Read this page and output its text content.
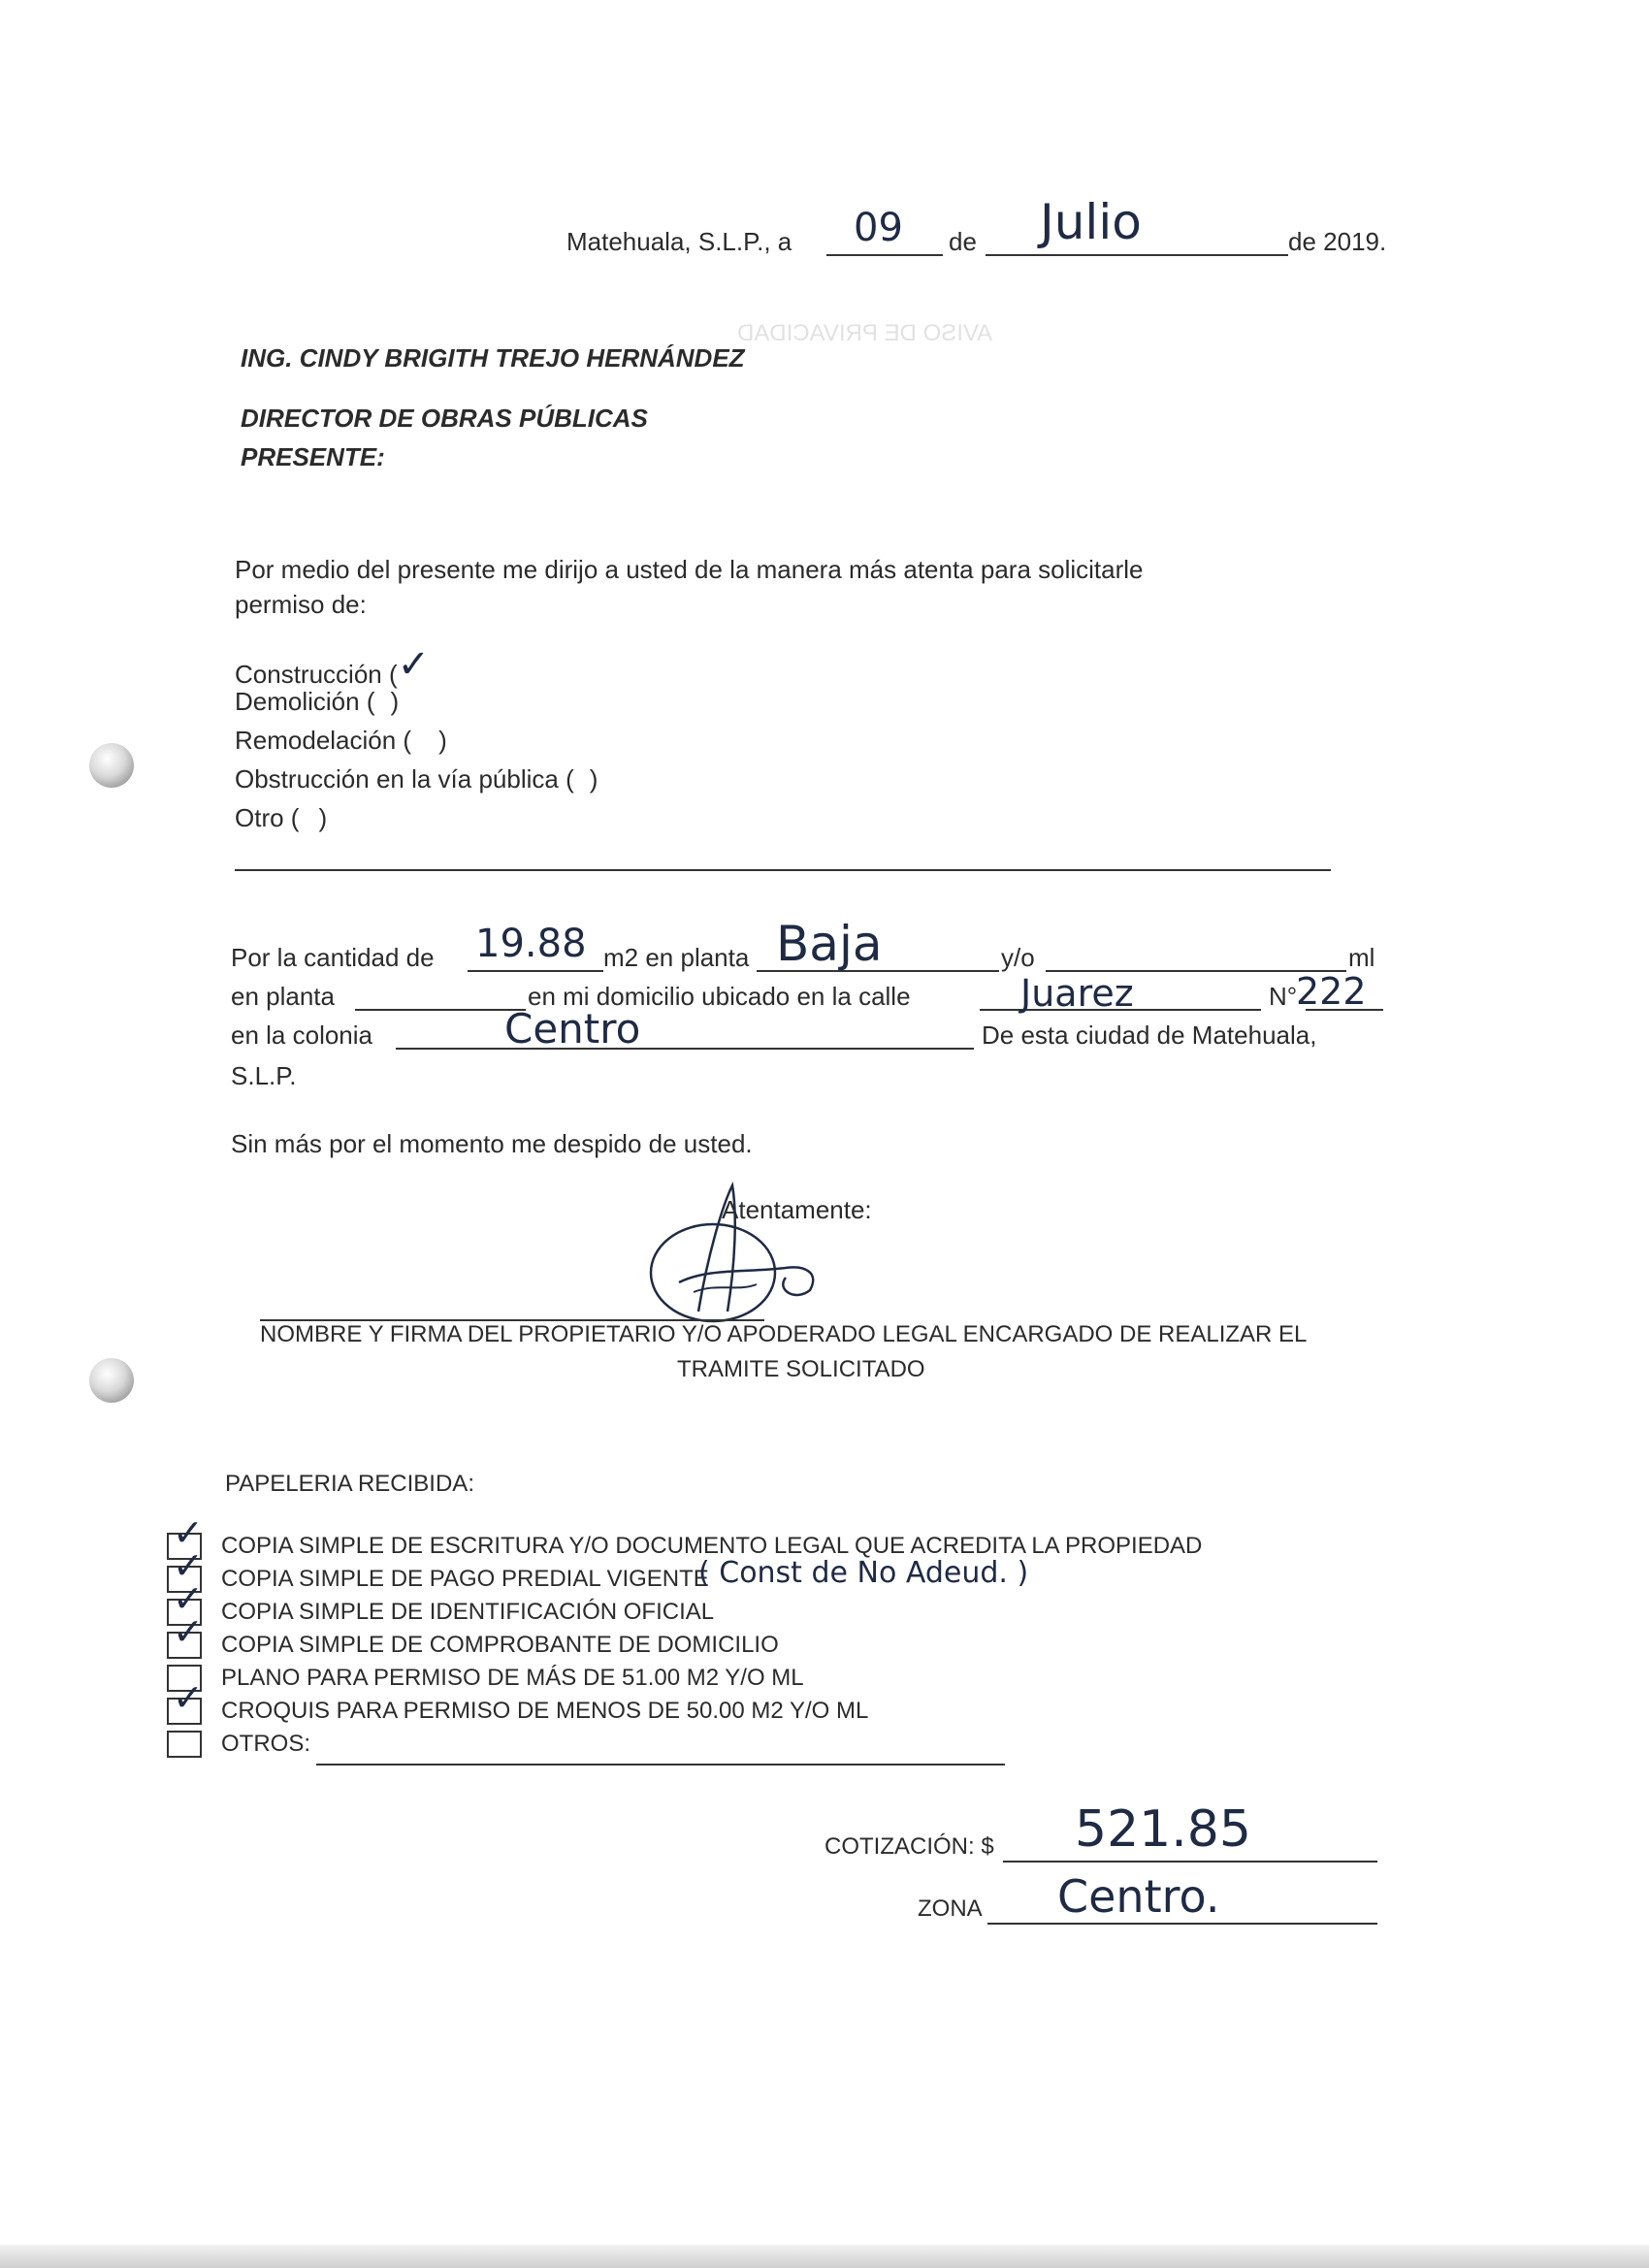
AVISO DE PRIVACIDAD
Matehuala, S.L.P., a 09 de Julio	de 2019.
ING. CINDY BRIGITH TREJO HERNÁNDEZ
DIRECTOR DE OBRAS PÚBLICAS
PRESENTE:
Por medio del presente me dirijo a usted de la manera más atenta para solicitarle
permiso de:
Construcción (✓
Demolición ( )
Remodelación ( )
Obstrucción en la vía pública ( )
Otro ( )
Por la cantidad de 19.88 m2 en planta Baja	y/o	ml
en planta	en mi domicilio ubicado en la calle	Juarez	N°
222
en la colonia	Centro	De esta ciudad de Matehuala,
S.L.P.
Sin más por el momento me despido de usted.
Atentamente:
NOMBRE Y FIRMA DEL PROPIETARIO Y/O APODERADO LEGAL ENCARGADO DE REALIZAR EL
TRAMITE SOLICITADO
PAPELERIA RECIBIDA:
✓ COPIA SIMPLE DE ESCRITURA Y/O DOCUMENTO LEGAL QUE ACREDITA LA PROPIEDAD
✓ COPIA SIMPLE DE PAGO PREDIAL VIGENTE
( Const de No Adeud. )
✓ COPIA SIMPLE DE IDENTIFICACIÓN OFICIAL
✓ COPIA SIMPLE DE COMPROBANTE DE DOMICILIO
PLANO PARA PERMISO DE MÁS DE 51.00 M2 Y/O ML
✓ CROQUIS PARA PERMISO DE MENOS DE 50.00 M2 Y/O ML
OTROS:
COTIZACIÓN: $ 521.85
ZONA Centro.
